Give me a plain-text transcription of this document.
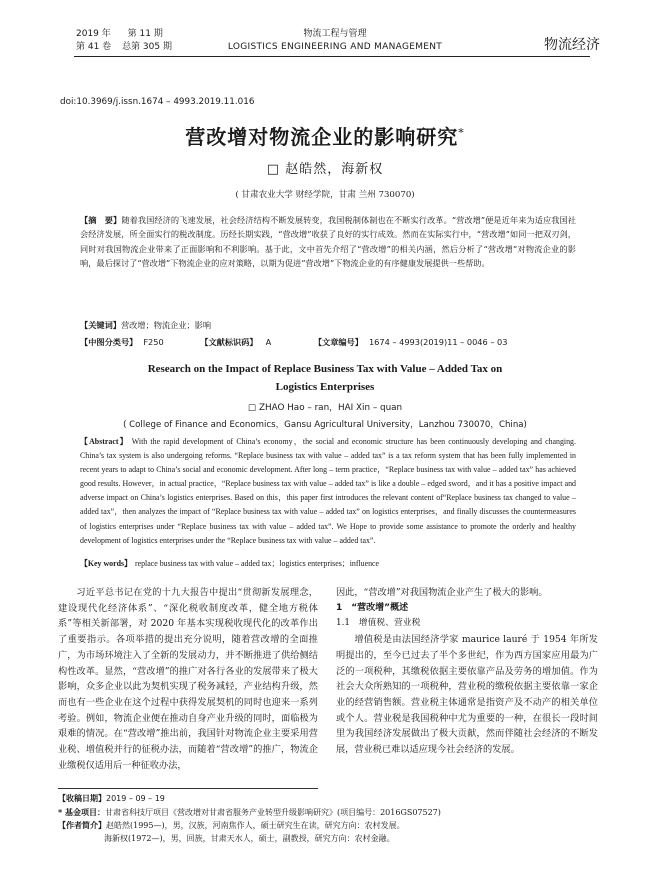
2019 年 第 11 期
第 41 卷 总第 305 期
物流工程与管理
LOGISTICS ENGINEERING AND MANAGEMENT	物流经济
doi:10.3969/j.issn.1674 – 4993.2019.11.016
营改增对物流企业的影响研究*
□ 赵皓然，海新权
( 甘肃农业大学 财经学院，甘肃 兰州 730070)
【摘　要】随着我国经济的飞速发展，社会经济结构不断发展转变，我国税制体制也在不断实行改革。“营改增”便是近年来为适应我国社会经济发展，所全面实行的税改制度。历经长期实践，“营改增”收获了良好的实行成效。然而在实际实行中，“营改增”如同一把双刃剑，同时对我国物流企业带来了正面影响和不利影响。基于此，文中首先介绍了“营改增”的相关内涵，然后分析了“营改增”对物流企业的影响，最后探讨了“营改增”下物流企业的应对策略，以期为促进“营改增”下物流企业的有序健康发展提供一些帮助。
【关键词】营改增；物流企业；影响
【中图分类号】 F250	【文献标识码】 A	【文章编号】 1674 – 4993(2019)11 – 0046 – 03
Research on the Impact of Replace Business Tax with Value – Added Tax on
Logistics Enterprises
□ ZHAO Hao – ran，HAI Xin – quan
( College of Finance and Economics，Gansu Agricultural University，Lanzhou 730070，China)
【Abstract】 With the rapid development of China’s economy，the social and economic structure has been continuously developing and changing. China’s tax system is also undergoing reforms. “Replace business tax with value – added tax” is a tax reform system that has been fully implemented in recent years to adapt to China’s social and economic development. After long – term practice，“Replace business tax with value – added tax” has achieved good results. However，in actual practice，“Replace business tax with value – added tax” is like a double – edged sword，and it has a positive impact and adverse impact on China’s logistics enterprises. Based on this，this paper first introduces the relevant content of“Replace business tax changed to value – added tax”，then analyzes the impact of “Replace business tax with value – added tax” on logistics enterprises，and finally discusses the countermeasures of logistics enterprises under “Replace business tax with value – added tax”. We Hope to provide some assistance to promote the orderly and healthy development of logistics enterprises under the “Replace business tax with value – added tax”.
【Key words】 replace business tax with value – added tax；logistics enterprises；influence

习近平总书记在党的十九大报告中提出“贯彻新发展理念，建设现代化经济体系”、“深化税收制度改革，健全地方税体系”等相关新部署，对 2020 年基本实现税收现代化的改革作出了重要指示。各项举措的提出充分说明，随着营改增的全面推广，为市场环境注入了全新的发展动力，并不断推进了供给侧结构性改革。显然，“营改增”的推广对各行各业的发展带来了极大影响，众多企业以此为契机实现了税务减轻，产业结构升级，然而也有一些企业在这个过程中获得发展契机的同时也迎来一系列考验。例如，物流企业便在推动自身产业升级的同时，面临极为艰难的情况。在“营改增”推出前，我国针对物流企业主要采用营业税、增值税并行的征税办法，而随着“营改增”的推广，物流企业缴税仅适用后一种征收办法，

因此，“营改增”对我国物流企业产生了极大的影响。

1　“营改增”概述
1.1　增值税、营业税

增值税是由法国经济学家 maurice lauré 于 1954 年所发明提出的，至今已过去了半个多世纪，作为西方国家应用最为广泛的一项税种，其缴税依据主要依靠产品及劳务的增加值。作为社会大众所熟知的一项税种，营业税的缴税依据主要依靠一家企业的经营销售额。营业税主体通常是指资产及不动产的相关单位或个人。营业税是我国税种中尤为重要的一种，在很长一段时间里为我国经济发展做出了极大贡献，然而伴随社会经济的不断发展，营业税已难以适应现今社会经济的发展。

【收稿日期】2019 – 09 – 19
* 基金项目：甘肃省科技厅项目《营改增对甘肃省服务产业转型升级影响研究》(项目编号：2016GS07527)
【作者简介】赵皓然(1995—)，男，汉族，河南焦作人，硕士研究生在读，研究方向：农村发展。
海新权(1972—)，男，回族，甘肃天水人，硕士，副教授，研究方向：农村金融。
